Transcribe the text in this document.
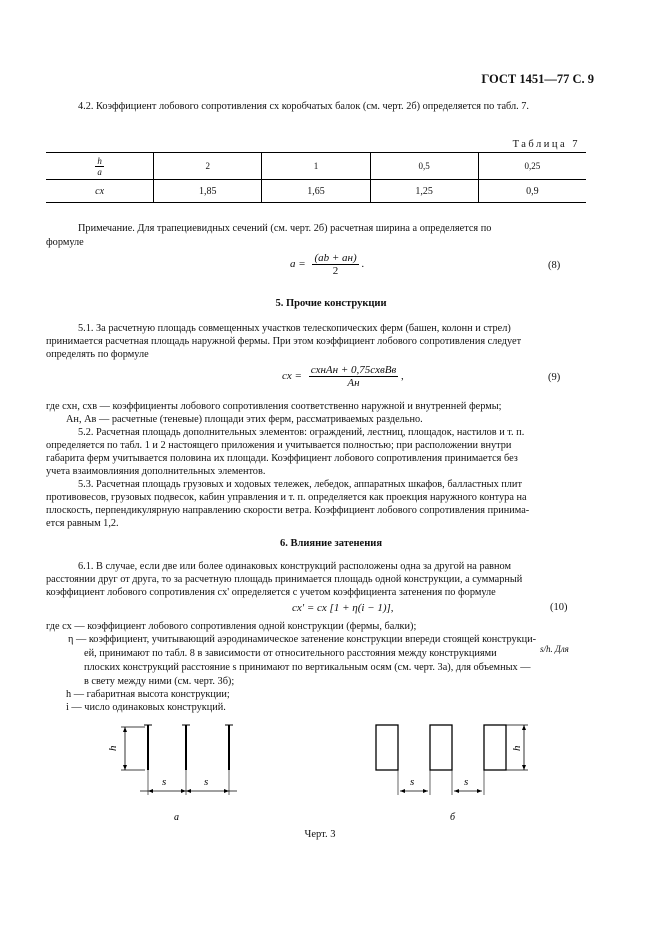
ГОСТ 1451—77 С. 9
4.2. Коэффициент лобового сопротивления cx коробчатых балок (см. черт. 2б) определяется по табл. 7.
Таблица 7
$\frac{h}{a}$	2	1	0,5	0,25
cx	1,85	1,65	1,25	0,9
Примечание. Для трапециевидных сечений (см. черт. 2б) расчетная ширина a определяется по
формуле
$a = \frac{(ab + aн)}{2}$ .	(8)
5. Прочие конструкции
5.1. За расчетную площадь совмещенных участков телескопических ферм (башен, колонн и стрел)
принимается расчетная площадь наружной фермы. При этом коэффициент лобового сопротивления следует
определять по формуле
cx = $\frac{\text{cxнAн + 0,75cxвBв}}{Aн}$ ,	(9)
где cxн, cxв — коэффициенты лобового сопротивления соответственно наружной и внутренней фермы;
Aн, Aв — расчетные (теневые) площади этих ферм, рассматриваемых раздельно.
5.2. Расчетная площадь дополнительных элементов: ограждений, лестниц, площадок, настилов и т. п.
определяется по табл. 1 и 2 настоящего приложения и учитывается полностью; при расположении внутри
габарита ферм учитывается половина их площади. Коэффициент лобового сопротивления принимается без
учета взаимовлияния дополнительных элементов.
5.3. Расчетная площадь грузовых и ходовых тележек, лебедок, аппаратных шкафов, балластных плит
противовесов, грузовых подвесок, кабин управления и т. п. определяется как проекция наружного контура на
плоскость, перпендикулярную направлению скорости ветра. Коэффициент лобового сопротивления принима-
ется равным 1,2.
6. Влияние затенения
6.1. В случае, если две или более одинаковых конструкций расположены одна за другой на равном
расстоянии друг от друга, то за расчетную площадь принимается площадь одной конструкции, а суммарный
коэффициент лобового сопротивления cx' определяется с учетом коэффициента затенения по формуле
cx' = cx [1 + η(i − 1)],	(10)
где cx — коэффициент лобового сопротивления одной конструкции (фермы, балки);
η — коэффициент, учитывающий аэродинамическое затенение конструкции впереди стоящей конструкци-
ей, принимают по табл. 8 в зависимости от относительного расстояния между конструкциями	s/h. Для
плоских конструкций расстояние s принимают по вертикальным осям (см. черт. 3а), для объемных —
в свету между ними (см. черт. 3б);
h — габаритная высота конструкции;
i — число одинаковых конструкций.
h
s	s
а
s	s
h
б
Черт. 3
